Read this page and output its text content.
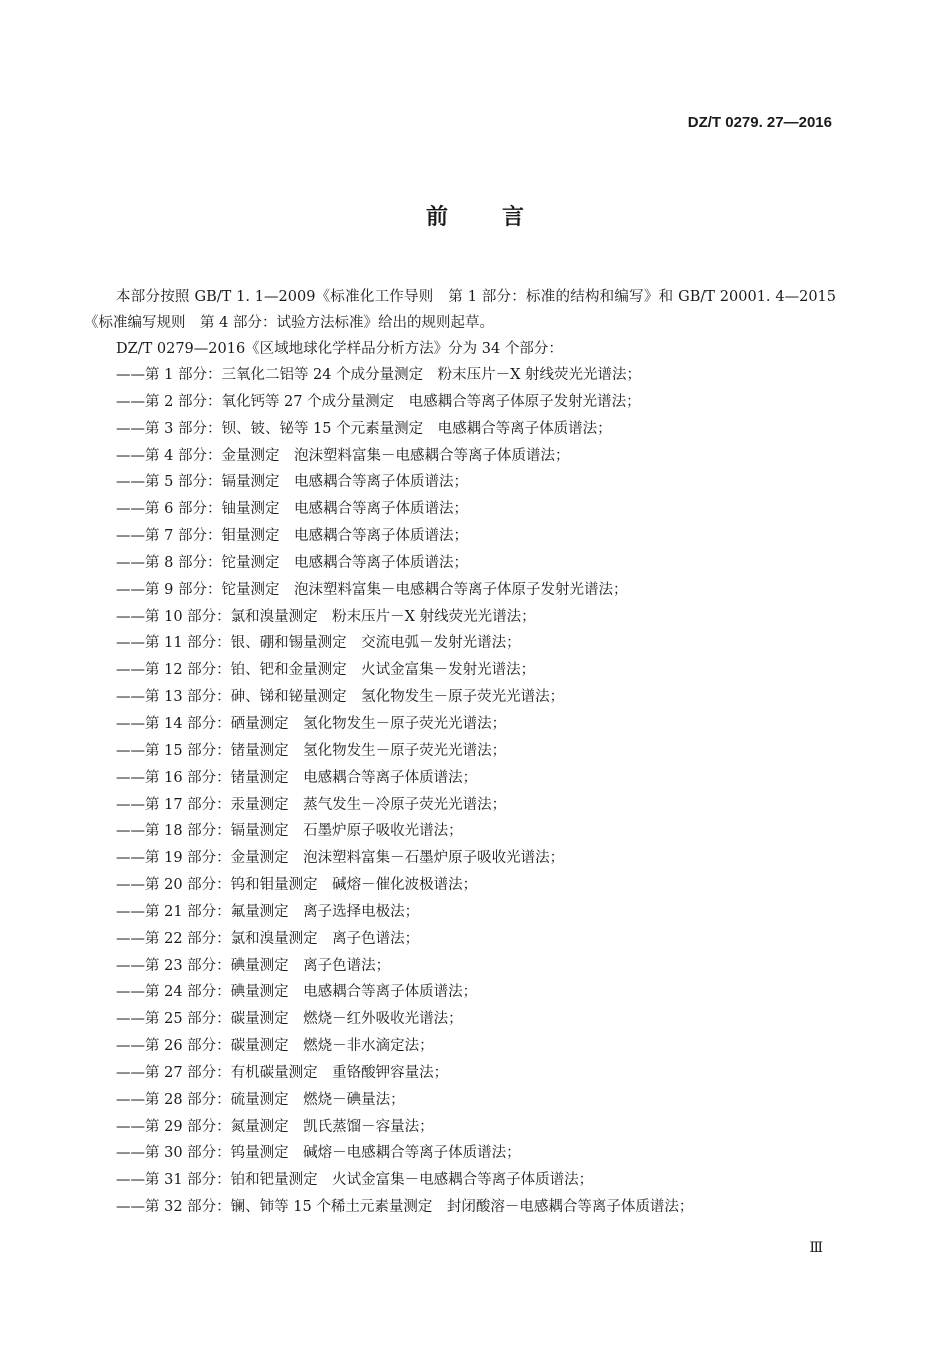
DZ/T 0279. 27—2016
前言

本部分按照 GB/T 1. 1—2009《标准化工作导则　第 1 部分：标准的结构和编写》和 GB/T 20001. 4—2015《标准编写规则　第 4 部分：试验方法标准》给出的规则起草。

DZ/T 0279—2016《区域地球化学样品分析方法》分为 34 个部分：

——第 1 部分：三氧化二铝等 24 个成分量测定　粉末压片－X 射线荧光光谱法；
——第 2 部分：氧化钙等 27 个成分量测定　电感耦合等离子体原子发射光谱法；
——第 3 部分：钡、铍、铋等 15 个元素量测定　电感耦合等离子体质谱法；
——第 4 部分：金量测定　泡沫塑料富集－电感耦合等离子体质谱法；
——第 5 部分：镉量测定　电感耦合等离子体质谱法；
——第 6 部分：铀量测定　电感耦合等离子体质谱法；
——第 7 部分：钼量测定　电感耦合等离子体质谱法；
——第 8 部分：铊量测定　电感耦合等离子体质谱法；
——第 9 部分：铊量测定　泡沫塑料富集－电感耦合等离子体原子发射光谱法；
——第 10 部分：氯和溴量测定　粉末压片－X 射线荧光光谱法；
——第 11 部分：银、硼和锡量测定　交流电弧－发射光谱法；
——第 12 部分：铂、钯和金量测定　火试金富集－发射光谱法；
——第 13 部分：砷、锑和铋量测定　氢化物发生－原子荧光光谱法；
——第 14 部分：硒量测定　氢化物发生－原子荧光光谱法；
——第 15 部分：锗量测定　氢化物发生－原子荧光光谱法；
——第 16 部分：锗量测定　电感耦合等离子体质谱法；
——第 17 部分：汞量测定　蒸气发生－冷原子荧光光谱法；
——第 18 部分：镉量测定　石墨炉原子吸收光谱法；
——第 19 部分：金量测定　泡沫塑料富集－石墨炉原子吸收光谱法；
——第 20 部分：钨和钼量测定　碱熔－催化波极谱法；
——第 21 部分：氟量测定　离子选择电极法；
——第 22 部分：氯和溴量测定　离子色谱法；
——第 23 部分：碘量测定　离子色谱法；
——第 24 部分：碘量测定　电感耦合等离子体质谱法；
——第 25 部分：碳量测定　燃烧－红外吸收光谱法；
——第 26 部分：碳量测定　燃烧－非水滴定法；
——第 27 部分：有机碳量测定　重铬酸钾容量法；
——第 28 部分：硫量测定　燃烧－碘量法；
——第 29 部分：氮量测定　凯氏蒸馏－容量法；
——第 30 部分：钨量测定　碱熔－电感耦合等离子体质谱法；
——第 31 部分：铂和钯量测定　火试金富集－电感耦合等离子体质谱法；
——第 32 部分：镧、铈等 15 个稀土元素量测定　封闭酸溶－电感耦合等离子体质谱法；
Ⅲ
